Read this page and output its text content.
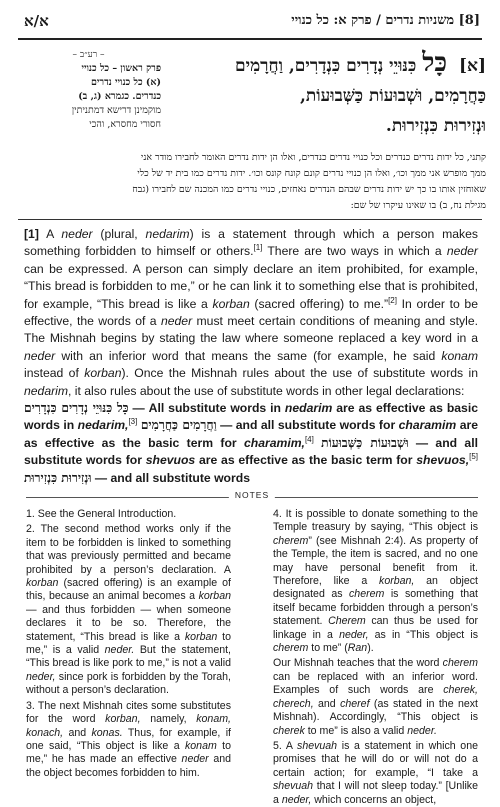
א/א	[8] משניות נדרים / פרק א: כל כנויי
[א] כָּל כִּנּוּיֵי נְדָרִים כִּנְדָרִים, וַחֲרָמִים
כַּחֲרָמִים, וּשְׁבוּעוֹת כַּשְּׁבוּעוֹת,
וּנְזִירוּת כִּנְזִירוּת.
– רע״ב –
פרק ראשון – כל כנויי
(א) כל כנויי נדרים
כנדרים. כגמרא (ג, ב)
מוקמינן דרישא דמתניתין
חסורי מחסרא, והכי
קתני, כל ידות נדרים כנדרים וכל כנויי נדרים כנדרים, ואלו הן ידות נדרים האומר לחבירו מודר אני
ממך מופרש אני ממך וכו׳, ואלו הן כנויי נדרים קונם קונח קונס וכו׳. ידות נדרים כמו בית יד של כלי
שאוחזין אותו בו כך יש ידות נדרים שבהם הנדרים נאחזים, כנויי נדרים כמו המכנה שם לחבירו (גבח
מגילת נח, ב) בו שאינו עיקרו של שם:
[1] A neder (plural, nedarim) is a statement through which a person makes something forbidden to himself or others.[1] There are two ways in which a neder can be expressed. A person can simply declare an item prohibited, for example, “This bread is forbidden to me,” or he can link it to something else that is prohibited, for example, “This bread is like a korban (sacred offering) to me.”[2] In order to be effective, the words of a neder must meet certain conditions of meaning and style. The Mishnah begins by stating the law where someone replaced a key word in a neder with an inferior word that means the same (for example, he said konam instead of korban). Once the Mishnah rules about the use of substitute words in nedarim, it also rules about the use of substitute words in other legal declarations:
כָּל כִּנּוּיֵי נְדָרִים כִּנְדָרִים — All substitute words in nedarim are as effective as basic words in nedarim,[3] וַחֲרָמִים כַּחֲרָמִים — and all substitute words for charamim are as effective as the basic term for charamim,[4] וּשְׁבוּעוֹת כַּשְּׁבוּעוֹת — and all substitute words for shevuos are as effective as the basic term for shevuos,[5] וּנְזִירוּת כִּנְזִירוּת — and all substitute words
NOTES

1. See the General Introduction.

2. The second method works only if the item to be forbidden is linked to something that was previously permitted and became prohibited by a person’s declaration. A korban (sacred offering) is an example of this, because an animal becomes a korban — and thus forbidden — when someone declares it to be so. Therefore, the statement, “This bread is like a korban to me,” is a valid neder. But the statement, “This bread is like pork to me,” is not a valid neder, since pork is forbidden by the Torah, without a person’s declaration.

3. The next Mishnah cites some substitutes for the word korban, namely, konam, konach, and konas. Thus, for example, if one said, “This object is like a konam to me,” he has made an effective neder and the object becomes forbidden to him.

4. It is possible to donate something to the Temple treasury by saying, “This object is cherem” (see Mishnah 2:4). As property of the Temple, the item is sacred, and no one may have personal benefit from it. Therefore, like a korban, an object designated as cherem is something that itself became forbidden through a person’s statement. Cherem can thus be used for linkage in a neder, as in “This object is cherem to me” (Ran).

Our Mishnah teaches that the word cherem can be replaced with an inferior word. Examples of such words are cherek, cherech, and cheref (as stated in the next Mishnah). Accordingly, “This object is cherek to me” is also a valid neder.

5. A shevuah is a statement in which one promises that he will do or will not do a certain action; for example, “I take a shevuah that I will not sleep today.” [Unlike a neder, which concerns an object,
